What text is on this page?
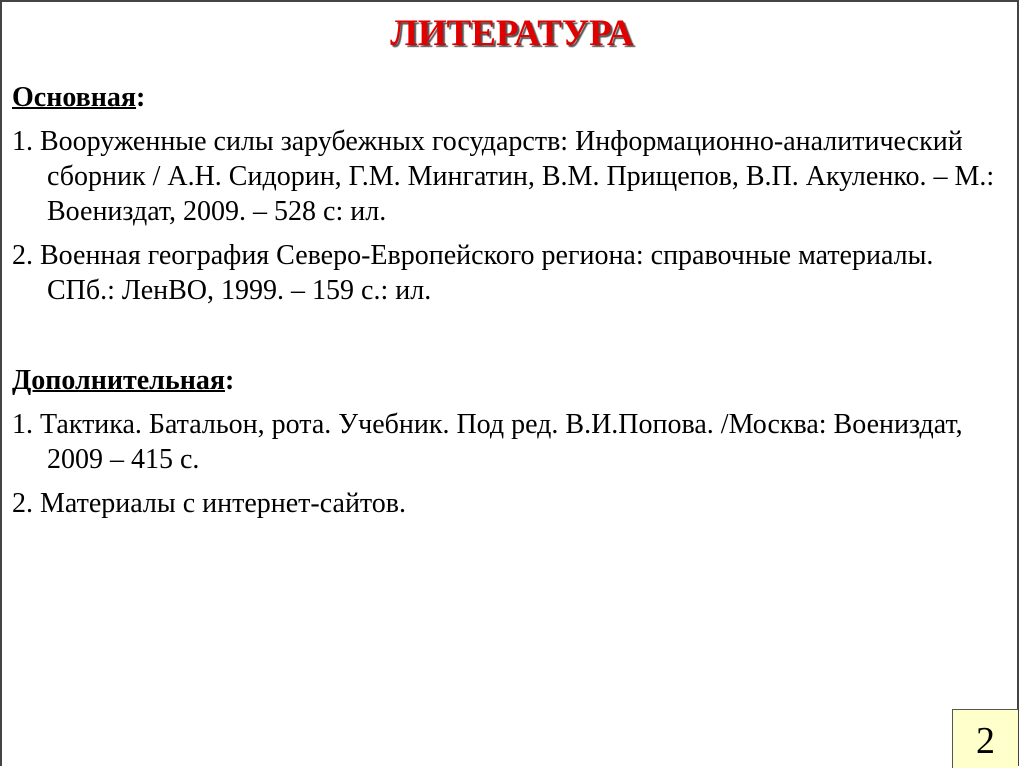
ЛИТЕРАТУРА
Основная:
1. Вооруженные силы зарубежных государств: Информационно-аналитический сборник / А.Н. Сидорин, Г.М. Мингатин, В.М. Прищепов, В.П. Акуленко. – М.: Воениздат, 2009. – 528 с: ил.
2. Военная география Северо-Европейского региона: справочные материалы. СПб.: ЛенВО, 1999. – 159 с.: ил.
Дополнительная:
1. Тактика. Батальон, рота. Учебник. Под ред. В.И.Попова. /Москва: Воениздат, 2009 – 415 с.
2. Материалы с интернет-сайтов.
2
